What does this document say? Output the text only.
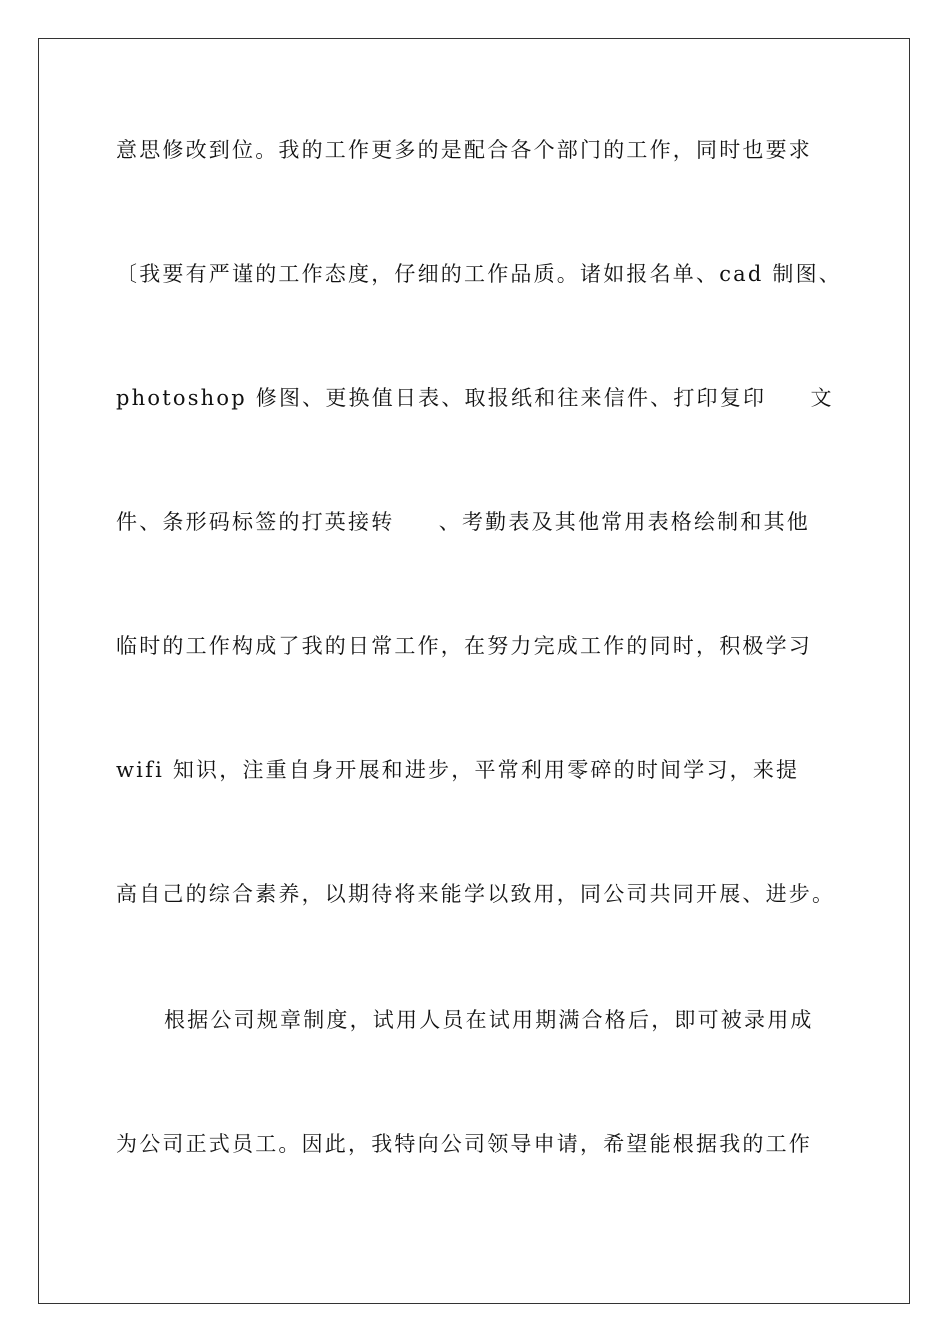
意思修改到位。我的工作更多的是配合各个部门的工作，同时也要求
〔我要有严谨的工作态度，仔细的工作品质。诸如报名单、cad 制图、
photoshop 修图、更换值日表、取报纸和往来信件、打印复印     文
件、条形码标签的打英接转     、考勤表及其他常用表格绘制和其他
临时的工作构成了我的日常工作，在努力完成工作的同时，积极学习
wifi 知识，注重自身开展和进步，平常利用零碎的时间学习，来提
高自己的综合素养，以期待将来能学以致用，同公司共同开展、进步。
根据公司规章制度，试用人员在试用期满合格后，即可被录用成
为公司正式员工。因此，我特向公司领导申请，希望能根据我的工作
